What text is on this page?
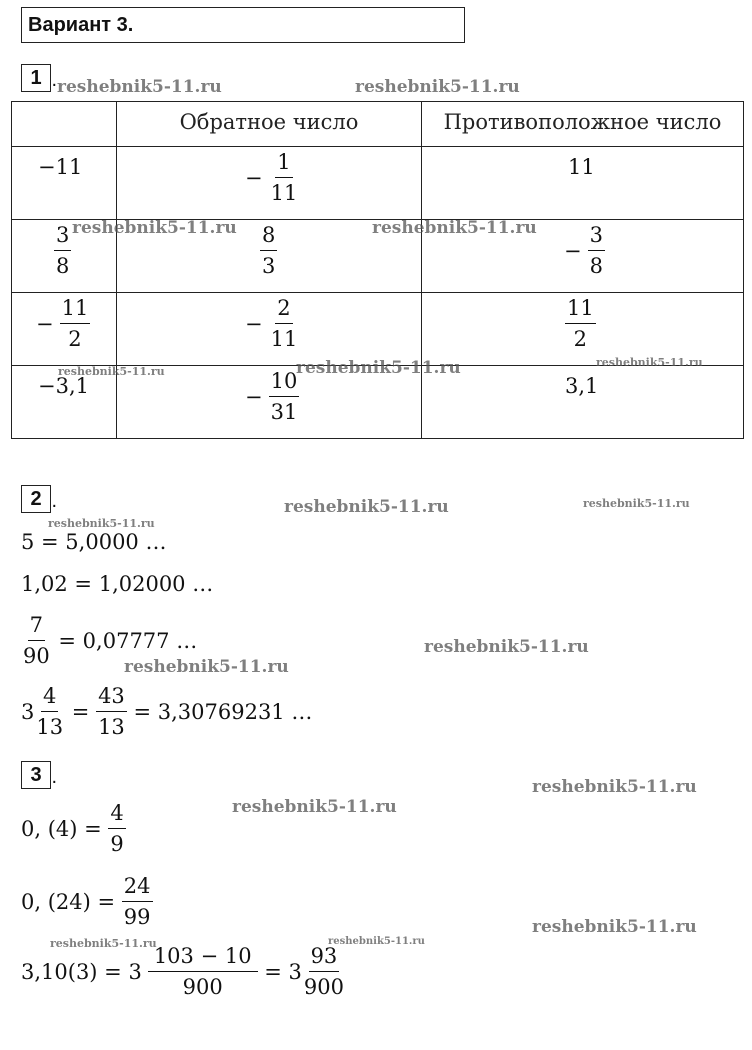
Вариант 3.
1 .

	Обратное число	Противоположное число

−11	− $\frac{1}{11}$	11

$\frac{3}{8}$	$\frac{8}{3}$	− $\frac{3}{8}$

− $\frac{11}{2}$	− $\frac{2}{11}$	$\frac{11}{2}$

−3,1	− $\frac{10}{31}$	3,1
2 .
5 = 5,0000 …
1,02 = 1,02000 …
$\frac{7}{90} = 0,07777$ …
$3 \frac{4}{13} = \frac{43}{13} = 3,30769231$ …
3 .
0, $(4) = \frac{4}{9}$
0, $(24) = \frac{24}{99}$
$3,10(3) = 3 \frac{103 - 10}{900} = 3 \frac{93}{900}$
reshebnik5-11.ru	reshebnik5-11.ru
reshebnik5-11.ru	reshebnik5-11.ru
reshebnik5-11.ru	reshebnik5-11.ru	reshebnik5-11.ru
reshebnik5-11.ru	reshebnik5-11.ru
reshebnik5-11.ru
reshebnik5-11.ru
reshebnik5-11.ru
reshebnik5-11.ru
reshebnik5-11.ru
reshebnik5-11.ru
reshebnik5-11.ru	reshebnik5-11.ru
